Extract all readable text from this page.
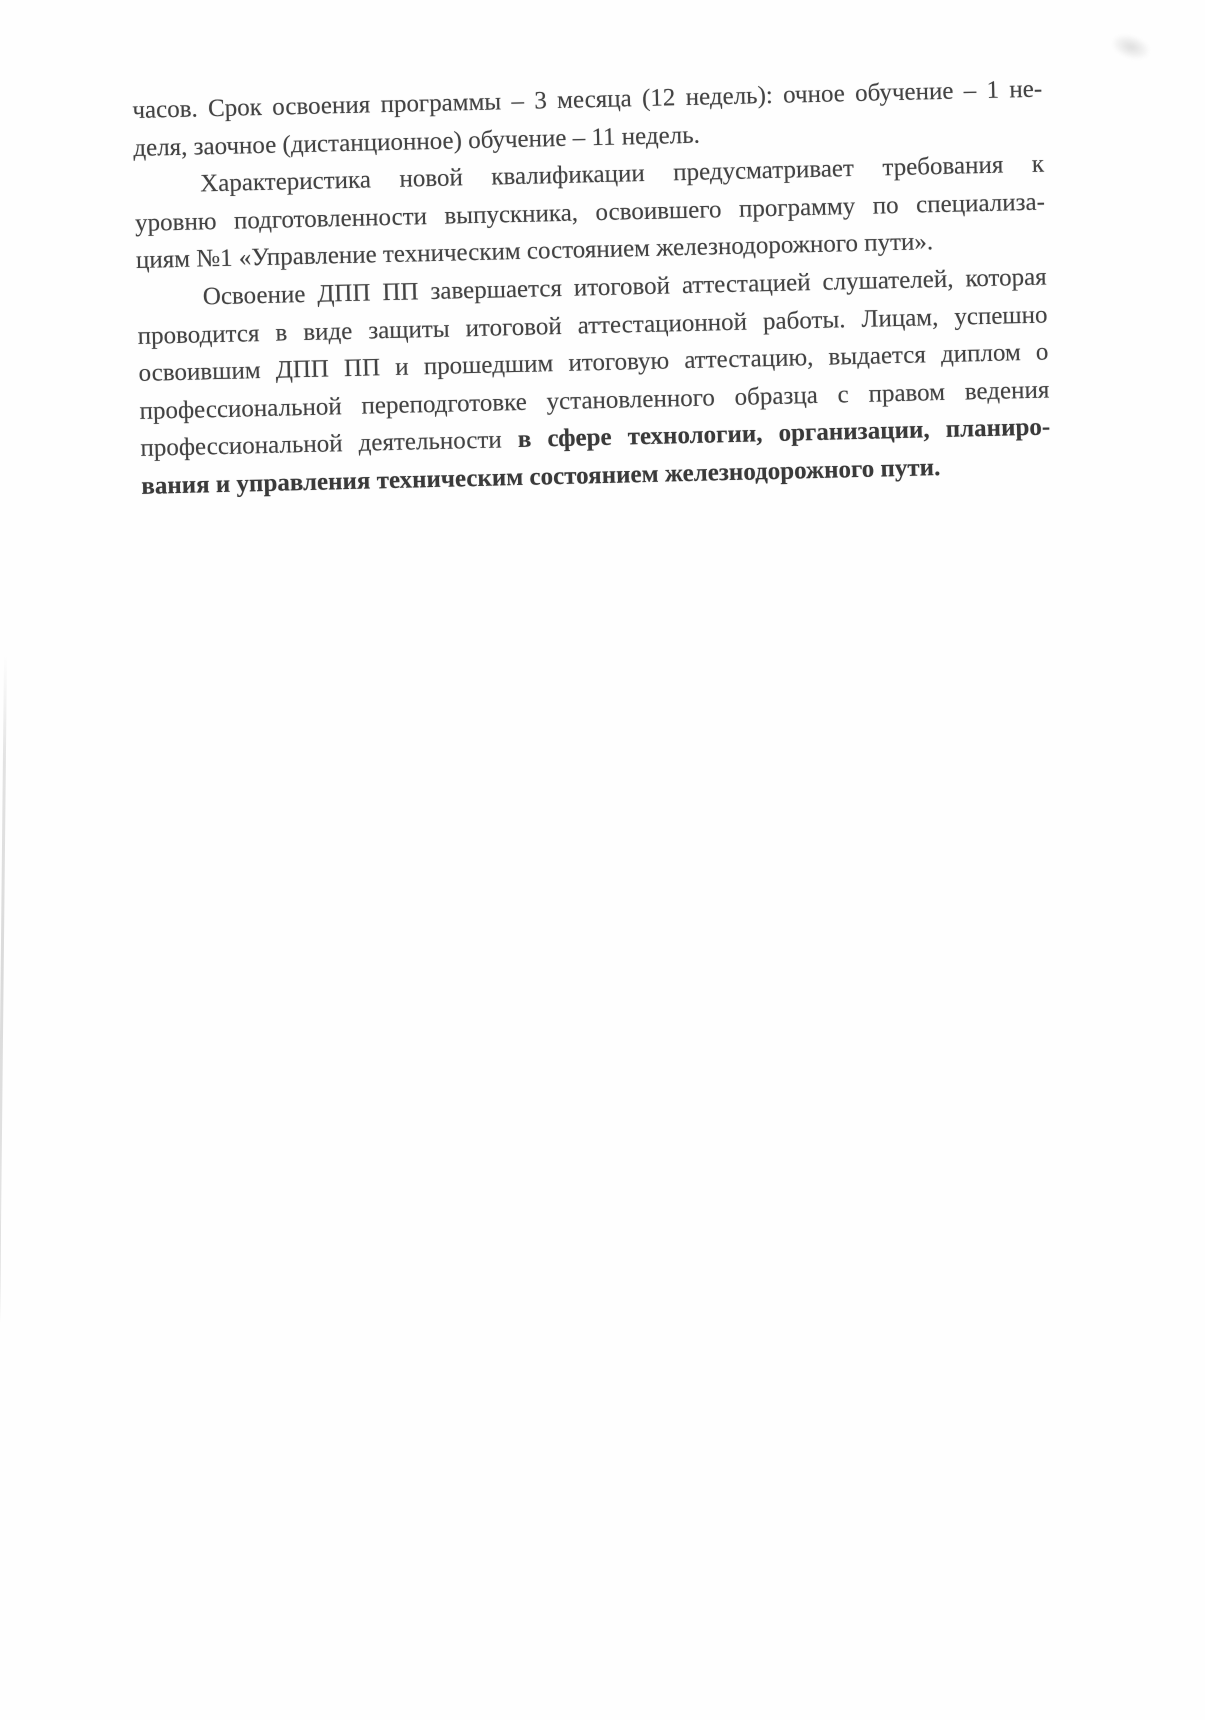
часов. Срок освоения программы – 3 месяца (12 недель): очное обучение – 1 не-
деля, заочное (дистанционное) обучение – 11 недель.
Характеристика новой квалификации предусматривает требования к
уровню подготовленности выпускника, освоившего программу по специализа-
циям №1 «Управление техническим состоянием железнодорожного пути».
Освоение ДПП ПП завершается итоговой аттестацией слушателей, которая
проводится в виде защиты итоговой аттестационной работы. Лицам, успешно
освоившим ДПП ПП и прошедшим итоговую аттестацию, выдается диплом о
профессиональной переподготовке установленного образца с правом ведения
профессиональной деятельности в сфере технологии, организации, планиро-
вания и управления техническим состоянием железнодорожного пути.
